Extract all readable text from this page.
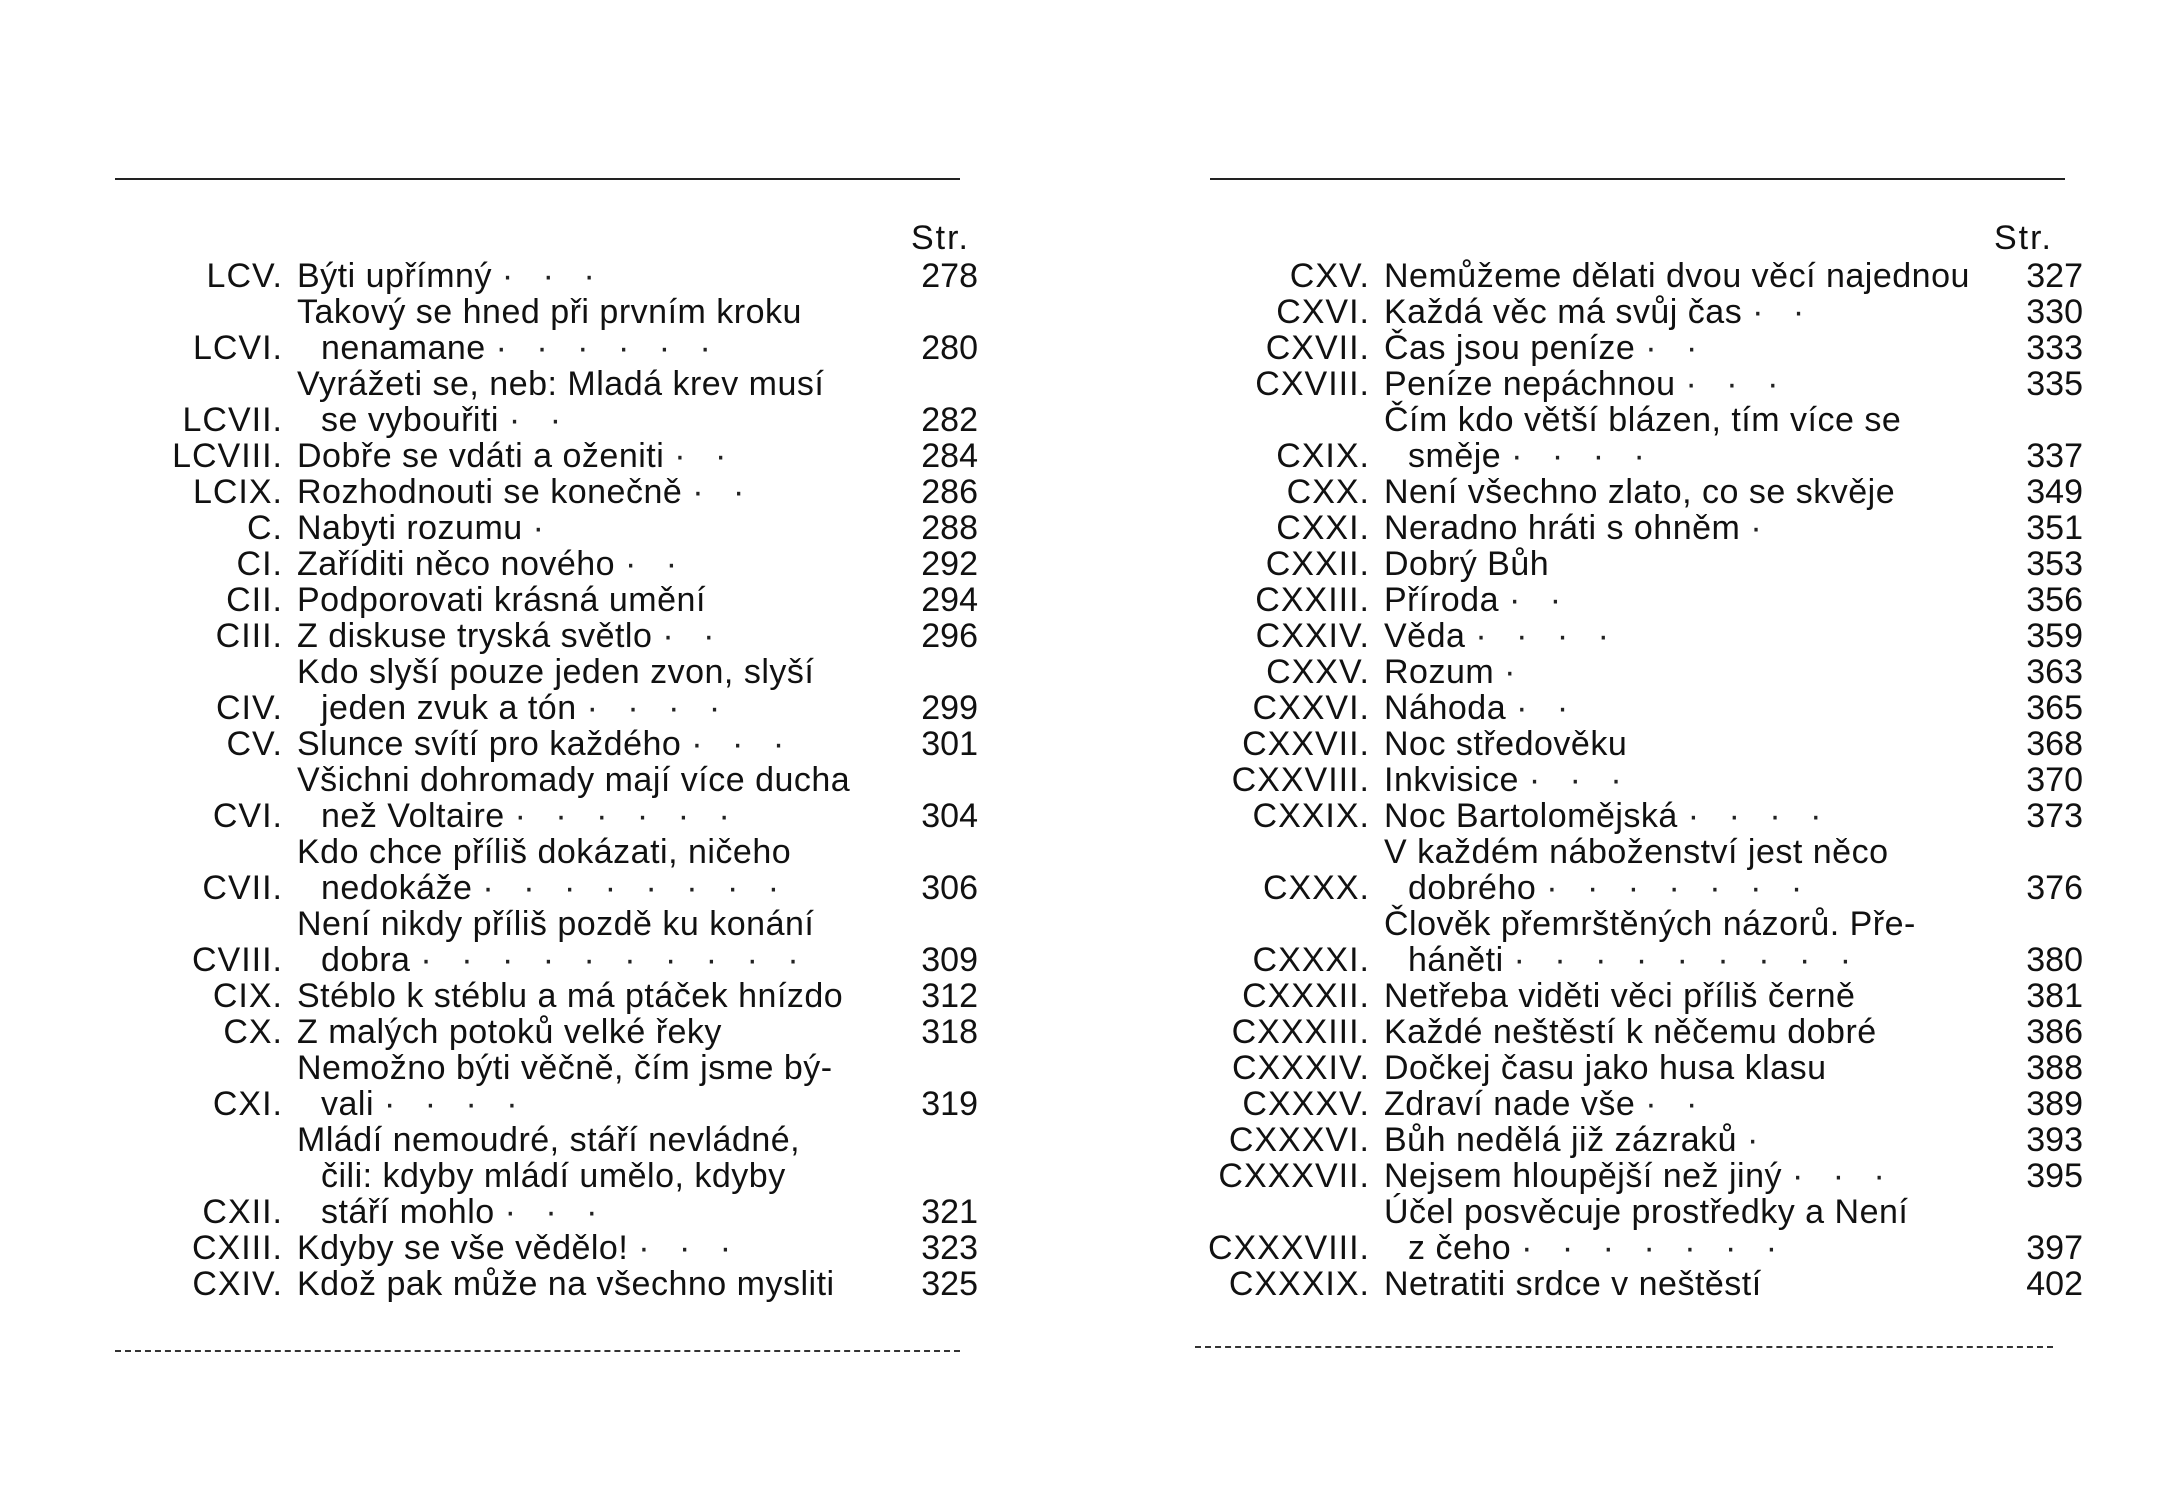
Str.
LCV. Býti upřímný · · ·	278
LCVI.
Takový se hned při prvním kroku
nenamane · · · · · ·	280
LCVII.
Vyrážeti se, neb: Mladá krev musí
se vybouřiti · ·	282
LCVIII. Dobře se vdáti a oženiti · ·	284
LCIX. Rozhodnouti se konečně · ·	286
C. Nabyti rozumu ·	288
CI. Zaříditi něco nového · ·	292
CII. Podporovati krásná umění	294
CIII. Z diskuse tryská světlo · ·	296
CIV.
Kdo slyší pouze jeden zvon, slyší
jeden zvuk a tón · · · ·	299
CV. Slunce svítí pro každého · · ·	301
CVI.
Všichni dohromady mají více ducha
než Voltaire · · · · · ·	304
CVII.
Kdo chce příliš dokázati, ničeho
nedokáže · · · · · · · ·	306
CVIII.
Není nikdy příliš pozdě ku konání
dobra · · · · · · · · · ·	309
CIX. Stéblo k stéblu a má ptáček hnízdo	312
CX. Z malých potoků velké řeky	318
CXI.
Nemožno býti věčně, čím jsme bý-
vali · · · ·	319
CXII.
Mládí nemoudré, stáří nevládné,
čili: kdyby mládí umělo, kdyby
stáří mohlo · · ·	321
CXIII. Kdyby se vše vědělo! · · ·	323
CXIV. Kdož pak může na všechno mysliti	325
Str.
CXV. Nemůžeme dělati dvou věcí najednou	327
CXVI. Každá věc má svůj čas · ·	330
CXVII. Čas jsou peníze · ·	333
CXVIII. Peníze nepáchnou · · ·	335
CXIX.
Čím kdo větší blázen, tím více se
směje · · · ·	337
CXX. Není všechno zlato, co se skvěje	349
CXXI. Neradno hráti s ohněm ·	351
CXXII. Dobrý Bůh	353
CXXIII. Příroda · ·	356
CXXIV. Věda · · · ·	359
CXXV. Rozum ·	363
CXXVI. Náhoda · ·	365
CXXVII. Noc středověku	368
CXXVIII. Inkvisice · · ·	370
CXXIX. Noc Bartolomějská · · · ·	373
CXXX.
V každém náboženství jest něco
dobrého · · · · · · ·	376
CXXXI.
Člověk přemrštěných názorů. Pře-
háněti · · · · · · · · ·	380
CXXXII. Netřeba viděti věci příliš černě	381
CXXXIII. Každé neštěstí k něčemu dobré	386
CXXXIV. Dočkej času jako husa klasu	388
CXXXV. Zdraví nade vše · ·	389
CXXXVI. Bůh nedělá již zázraků ·	393
CXXXVII. Nejsem hloupější než jiný · · ·	395
CXXXVIII.
Účel posvěcuje prostředky a Není
z čeho · · · · · · ·	397
CXXXIX. Netratiti srdce v neštěstí	402
